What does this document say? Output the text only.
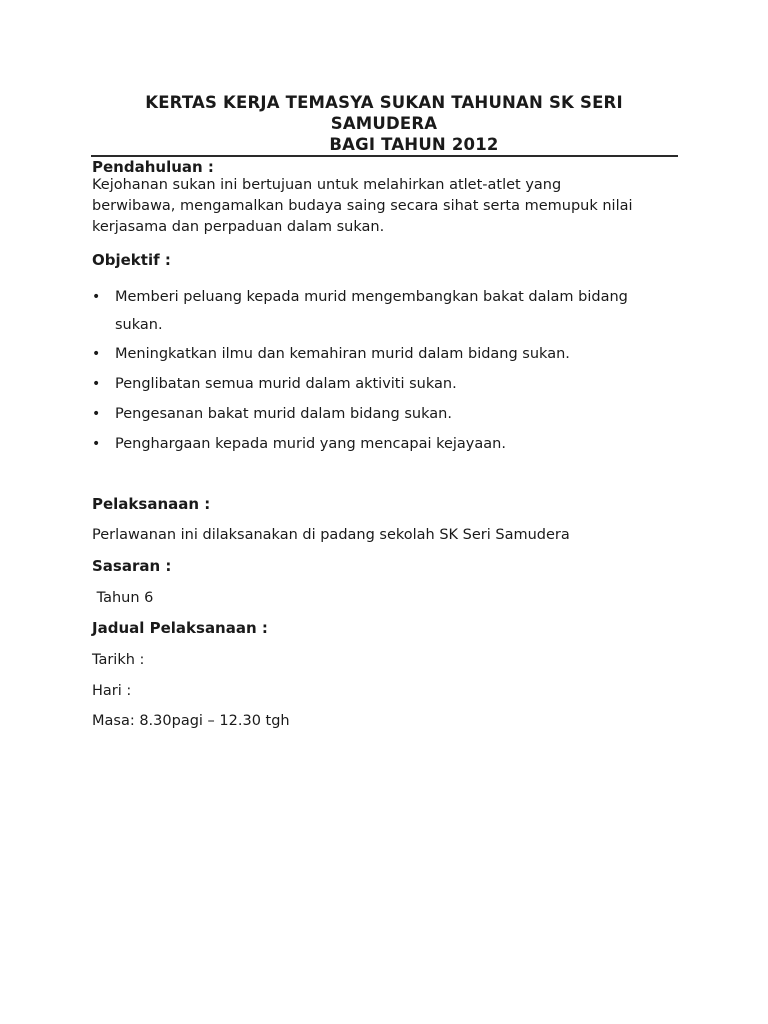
KERTAS KERJA TEMASYA SUKAN TAHUNAN SK SERI
SAMUDERA
BAGI TAHUN 2012
Pendahuluan :
Kejohanan sukan ini bertujuan untuk melahirkan atlet-atlet yang
berwibawa, mengamalkan budaya saing secara sihat serta memupuk nilai
kerjasama dan perpaduan dalam sukan.
Objektif :
• Memberi peluang kepada murid mengembangkan bakat dalam bidang
sukan.
• Meningkatkan ilmu dan kemahiran murid dalam bidang sukan.
• Penglibatan semua murid dalam aktiviti sukan.
• Pengesanan bakat murid dalam bidang sukan.
• Penghargaan kepada murid yang mencapai kejayaan.
Pelaksanaan :
Perlawanan ini dilaksanakan di padang sekolah SK Seri Samudera
Sasaran :
Tahun 6
Jadual Pelaksanaan :
Tarikh :
Hari :
Masa: 8.30pagi – 12.30 tgh
